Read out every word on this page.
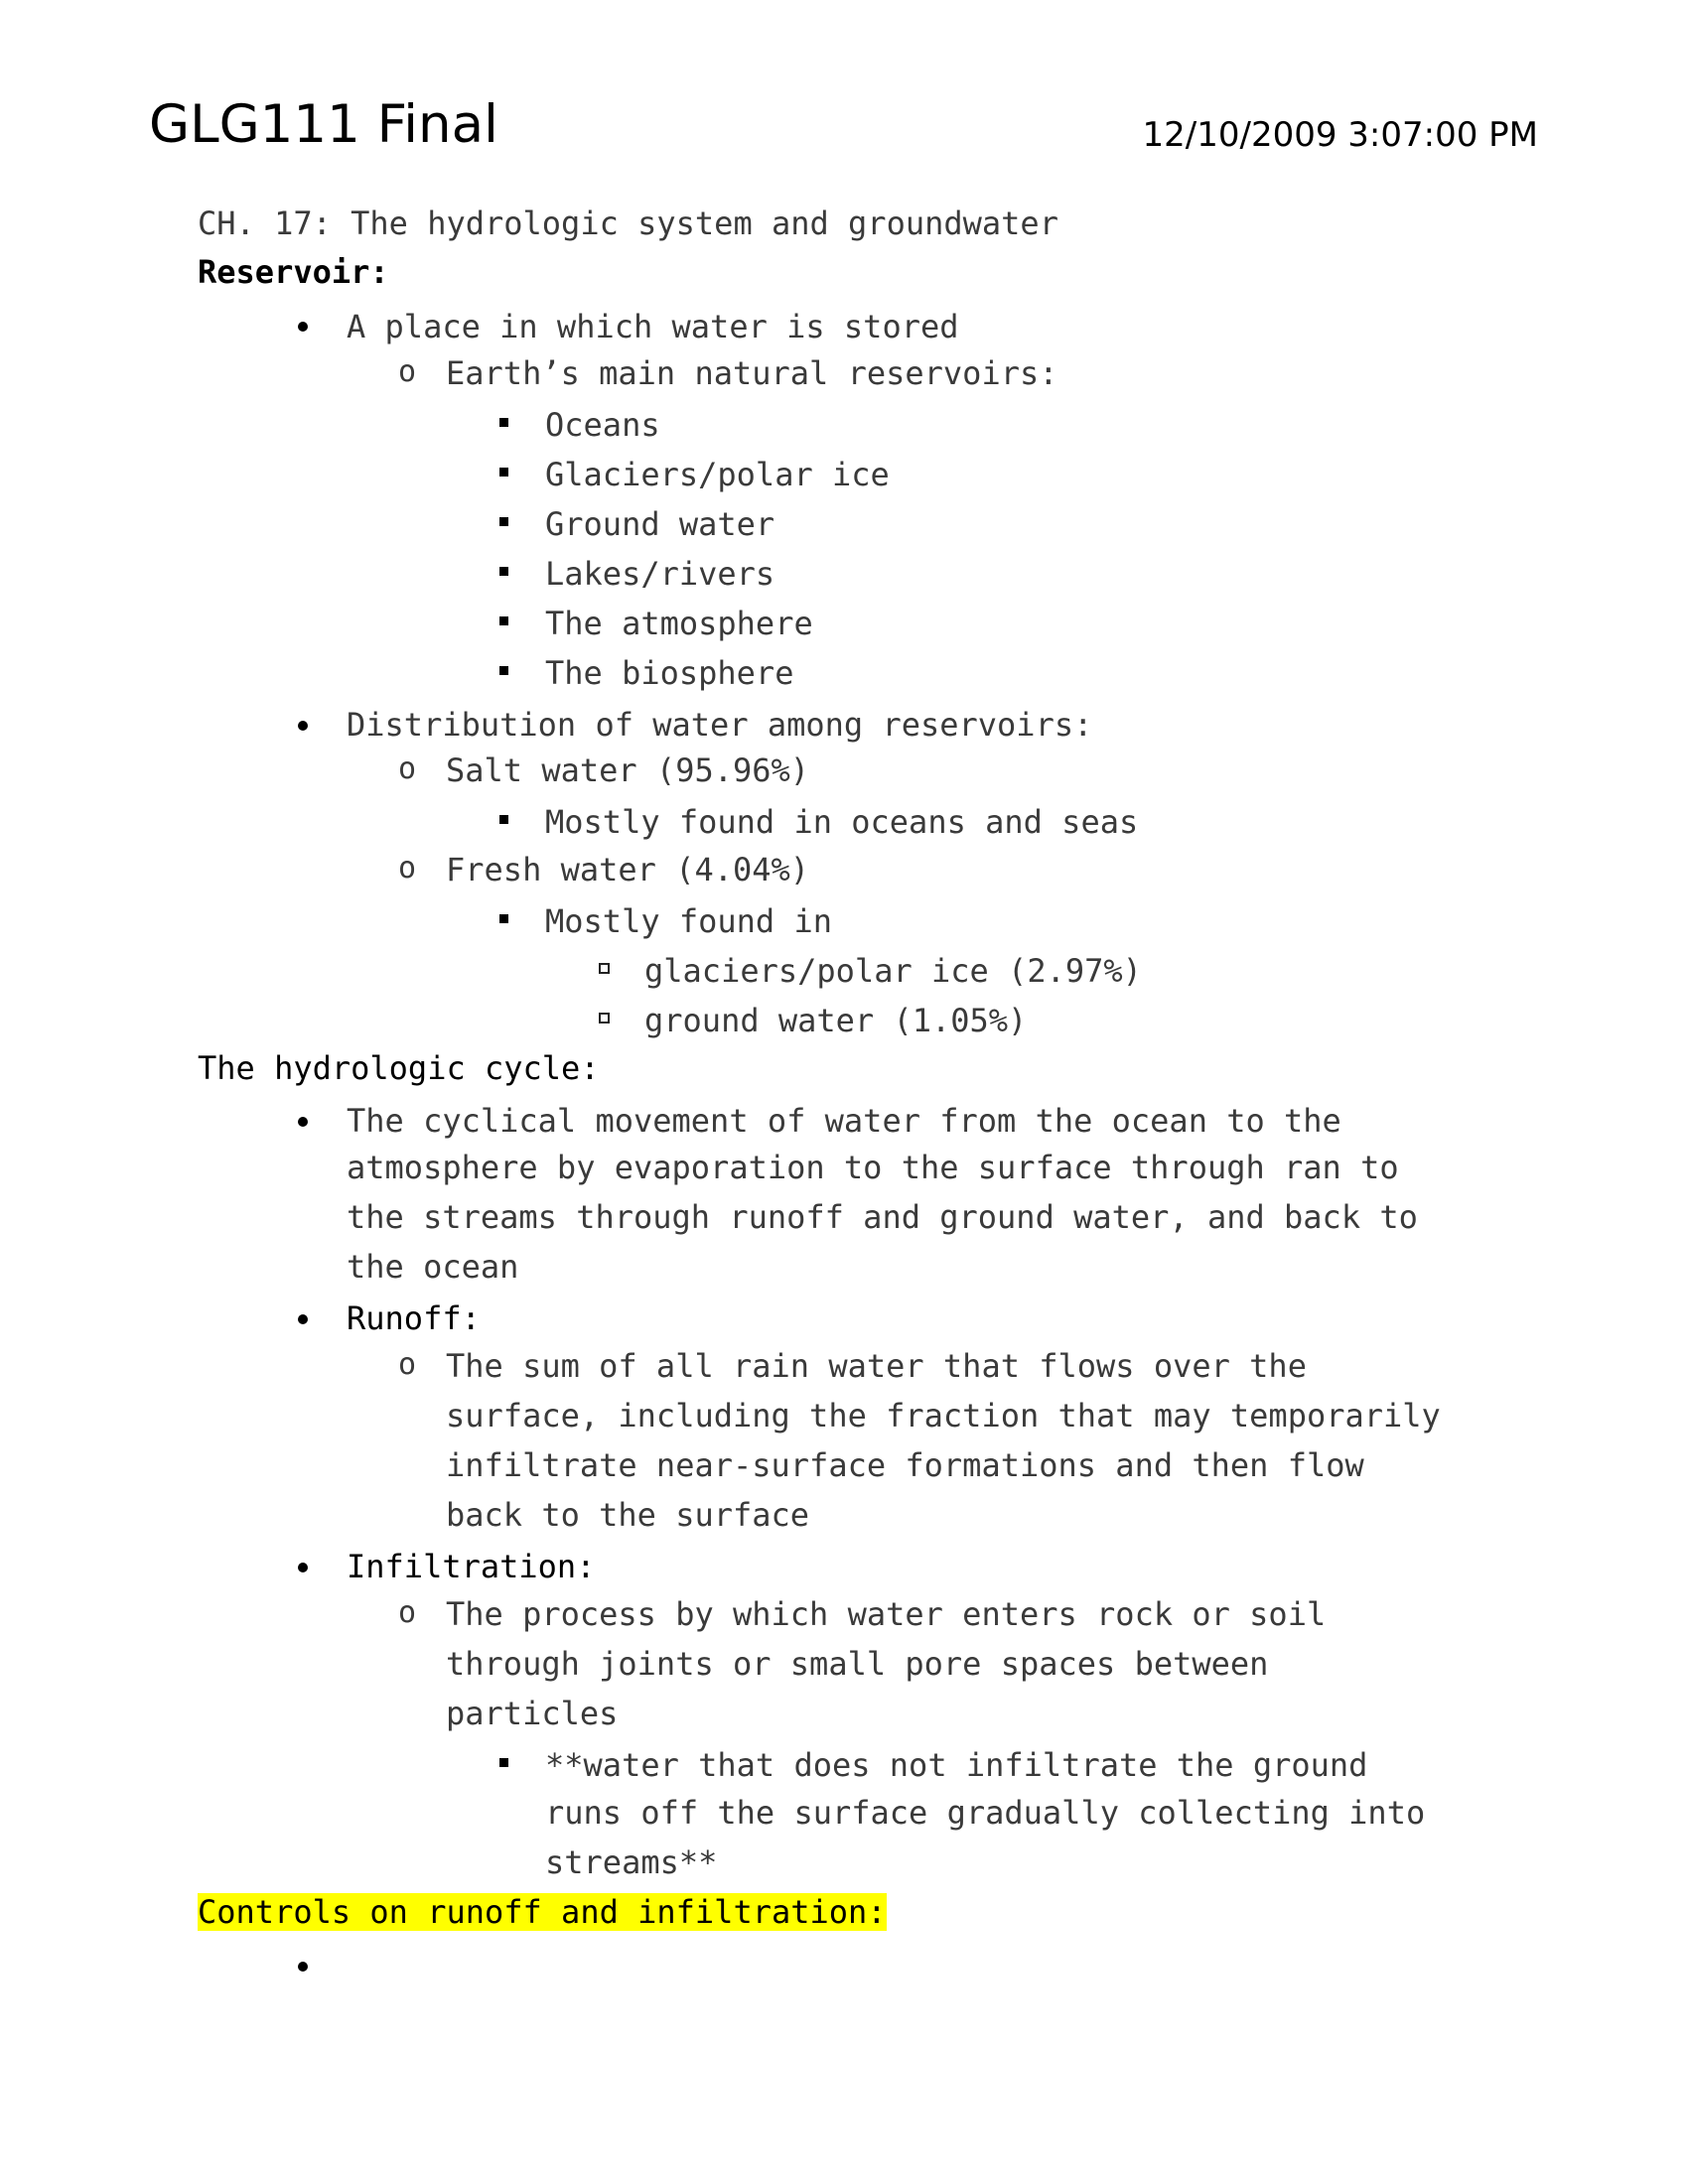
GLG111 Final	12/10/2009 3:07:00 PM
CH. 17: The hydrologic system and groundwater
Reservoir:
A place in which water is stored
o Earth’s main natural reservoirs:
Oceans
Glaciers/polar ice
Ground water
Lakes/rivers
The atmosphere
The biosphere
Distribution of water among reservoirs:
o Salt water (95.96%)
Mostly found in oceans and seas
o Fresh water (4.04%)
Mostly found in
glaciers/polar ice (2.97%)
ground water (1.05%)
The hydrologic cycle:
The cyclical movement of water from the ocean to the
atmosphere by evaporation to the surface through ran to
the streams through runoff and ground water, and back to
the ocean
Runoff:
o The sum of all rain water that flows over the
surface, including the fraction that may temporarily
infiltrate near-surface formations and then flow
back to the surface
Infiltration:
o The process by which water enters rock or soil
through joints or small pore spaces between
particles
**water that does not infiltrate the ground
runs off the surface gradually collecting into
streams**
Controls on runoff and infiltration:
